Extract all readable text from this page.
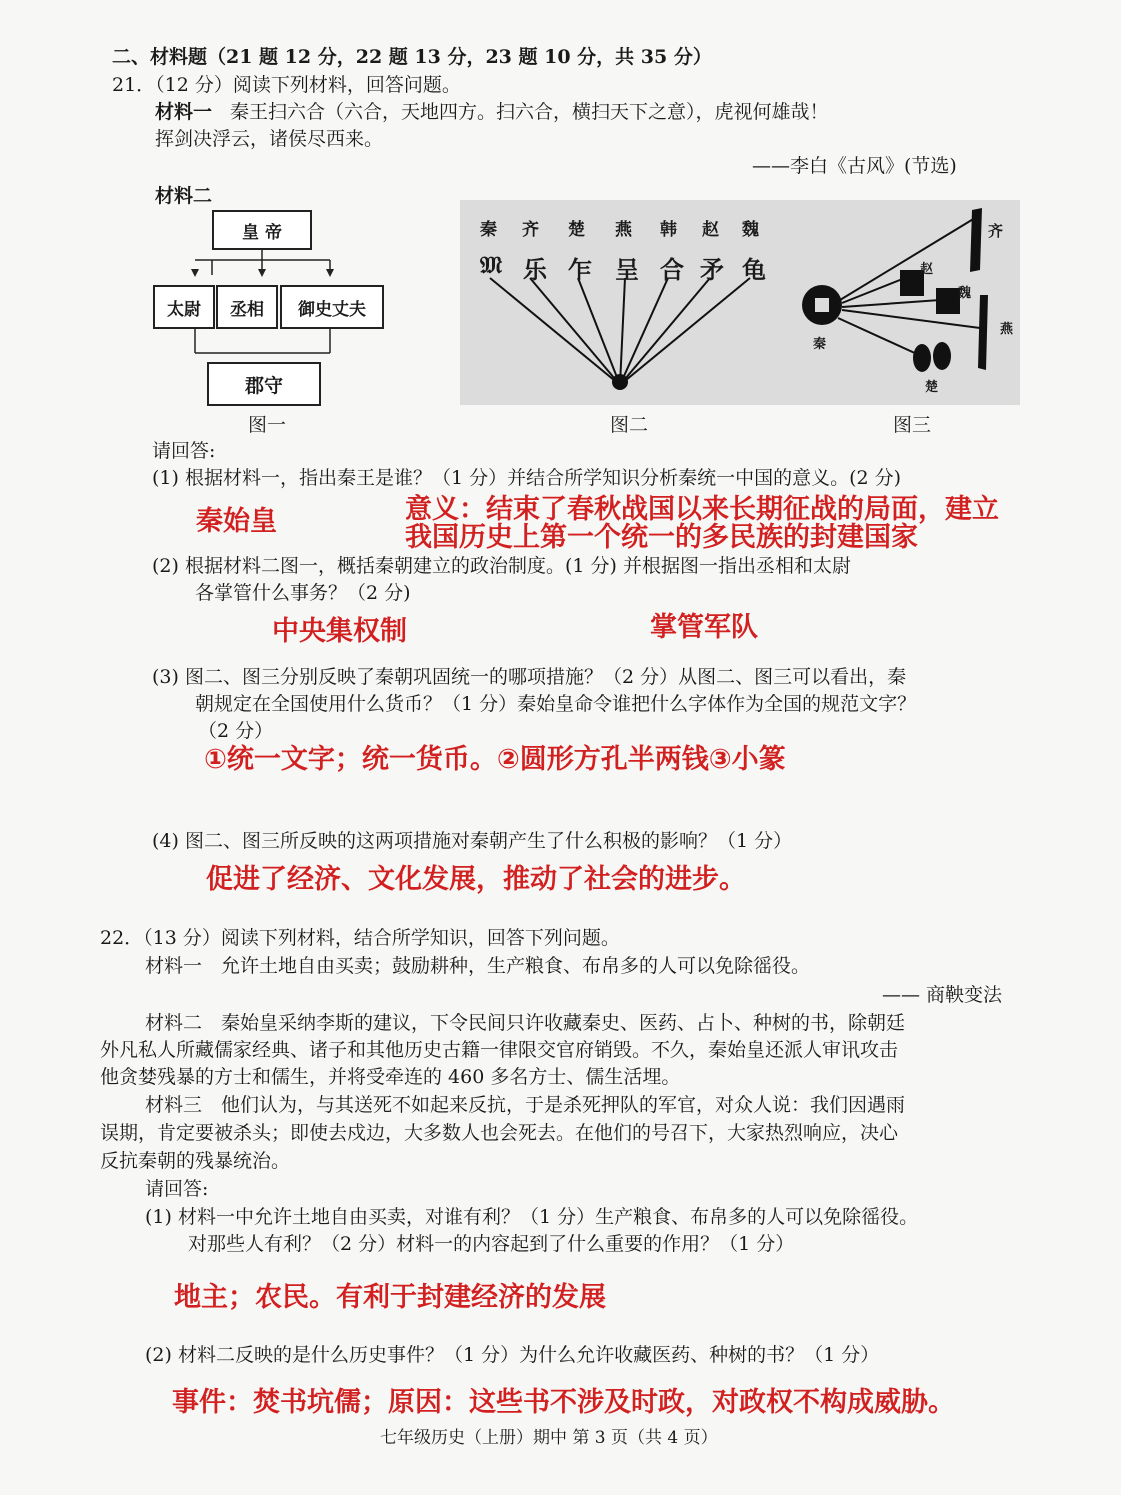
二、材料题（21 题 12 分，22 题 13 分，23 题 10 分，共 35 分）
21．（12 分）阅读下列材料，回答问题。
材料一 秦王扫六合（六合，天地四方。扫六合，横扫天下之意），虎视何雄哉！
挥剑决浮云，诸侯尽西来。
——李白《古风》(节选)
材料二
皇 帝
太尉	丞相	御史丈夫
郡守
图一
秦 齐 楚 燕 韩 赵 魏
𝔐 乐 乍 呈 合 矛 龟
齐
赵
魏
燕
秦
楚
图二	图三
请回答:
(1) 根据材料一，指出秦王是谁？（1 分）并结合所学知识分析秦统一中国的意义。(2 分)
秦始皇	意义：结束了春秋战国以来长期征战的局面，建立
我国历史上第一个统一的多民族的封建国家
(2) 根据材料二图一，概括秦朝建立的政治制度。(1 分) 并根据图一指出丞相和太尉
各掌管什么事务？（2 分)
中央集权制	掌管军队
(3) 图二、图三分别反映了秦朝巩固统一的哪项措施？（2 分）从图二、图三可以看出，秦
朝规定在全国使用什么货币？（1 分）秦始皇命令谁把什么字体作为全国的规范文字？
（2 分）
①统一文字；统一货币。②圆形方孔半两钱③小篆
(4) 图二、图三所反映的这两项措施对秦朝产生了什么积极的影响？（1 分）
促进了经济、文化发展，推动了社会的进步。
22．（13 分）阅读下列材料，结合所学知识，回答下列问题。
材料一　允许土地自由买卖；鼓励耕种，生产粮食、布帛多的人可以免除徭役。
—— 商鞅变法
材料二　秦始皇采纳李斯的建议，下令民间只许收藏秦史、医药、占卜、种树的书，除朝廷
外凡私人所藏儒家经典、诸子和其他历史古籍一律限交官府销毁。不久，秦始皇还派人审讯攻击
他贪婪残暴的方士和儒生，并将受牵连的 460 多名方士、儒生活埋。
材料三　他们认为，与其送死不如起来反抗，于是杀死押队的军官，对众人说：我们因遇雨
误期，肯定要被杀头；即使去戍边，大多数人也会死去。在他们的号召下，大家热烈响应，决心
反抗秦朝的残暴统治。
请回答:
(1) 材料一中允许土地自由买卖，对谁有利？（1 分）生产粮食、布帛多的人可以免除徭役。
对那些人有利？（2 分）材料一的内容起到了什么重要的作用？（1 分）
地主；农民。有利于封建经济的发展
(2) 材料二反映的是什么历史事件？（1 分）为什么允许收藏医药、种树的书？（1 分）
事件：焚书坑儒；原因：这些书不涉及时政，对政权不构成威胁。
七年级历史（上册）期中 第 3 页（共 4 页）
